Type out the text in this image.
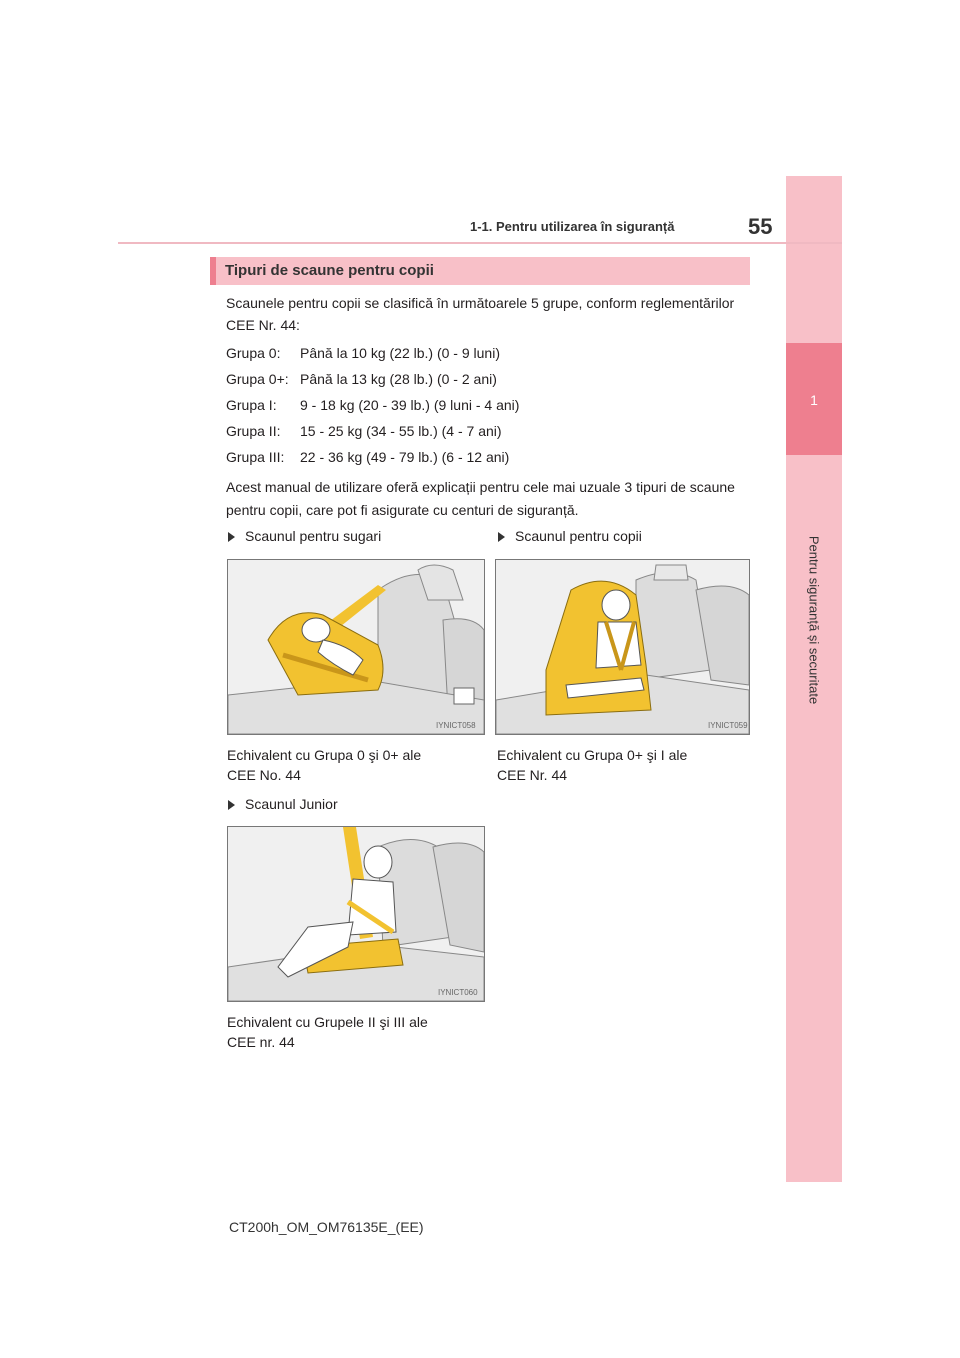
1
Pentru siguranță și securitate
1-1. Pentru utilizarea în siguranță	55
Tipuri de scaune pentru copii
Scaunele pentru copii se clasifică în următoarele 5 grupe, conform reglementărilor
CEE Nr. 44:
Grupa 0: Până la 10 kg (22 lb.) (0 - 9 luni)
Grupa 0+: Până la 13 kg (28 lb.) (0 - 2 ani)
Grupa I: 9 - 18 kg (20 - 39 lb.) (9 luni - 4 ani)
Grupa II: 15 - 25 kg (34 - 55 lb.) (4 - 7 ani)
Grupa III: 22 - 36 kg (49 - 79 lb.) (6 - 12 ani)
Acest manual de utilizare oferă explicații pentru cele mai uzuale 3 tipuri de scaune
pentru copii, care pot fi asigurate cu centuri de siguranță.
Scaunul pentru sugari	Scaunul pentru copii
IYNICT058	IYNICT059
Echivalent cu Grupa 0 şi 0+ ale
CEE No. 44
Echivalent cu Grupa 0+ şi I ale
CEE Nr. 44
Scaunul Junior
IYNICT060
Echivalent cu Grupele II şi III ale
CEE nr. 44
CT200h_OM_OM76135E_(EE)
